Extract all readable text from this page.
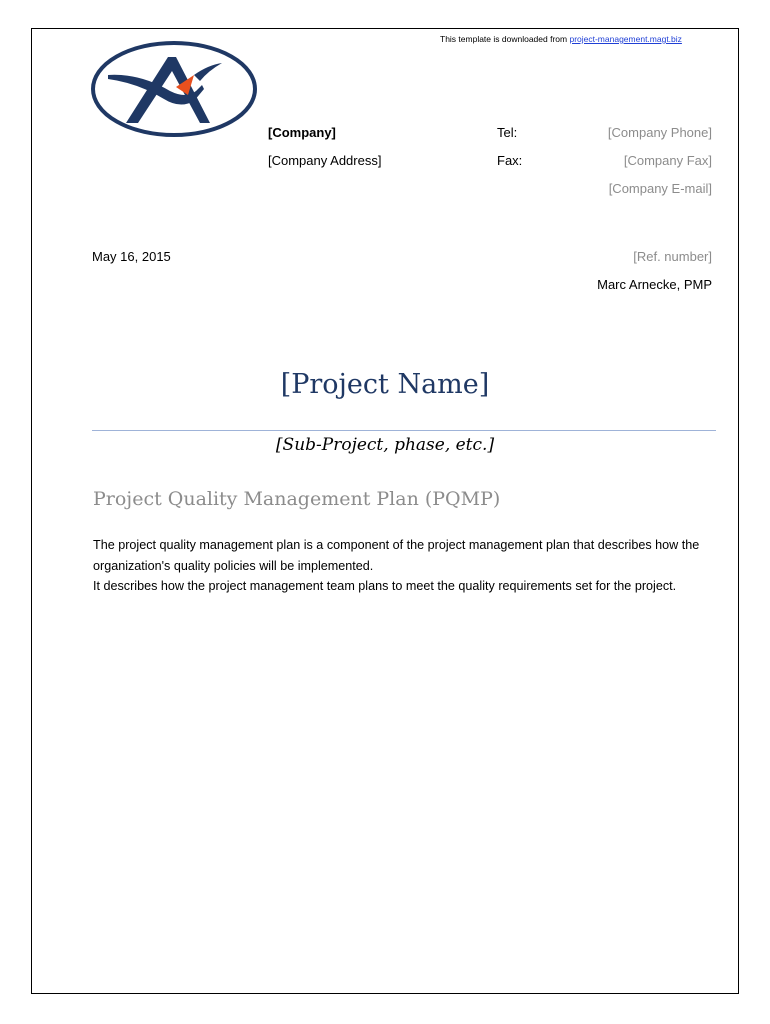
This template is downloaded from project-management.magt.biz
[Company]
[Company Address]
Tel:
Fax:
[Company Phone]
[Company Fax]
[Company E-mail]
May 16, 2015	[Ref. number]
Marc Arnecke, PMP
[Project Name]
[Sub-Project, phase, etc.]
Project Quality Management Plan (PQMP)

The project quality management plan is a component of the project management plan that describes how the organization's quality policies will be implemented.

It describes how the project management team plans to meet the quality requirements set for the project.
